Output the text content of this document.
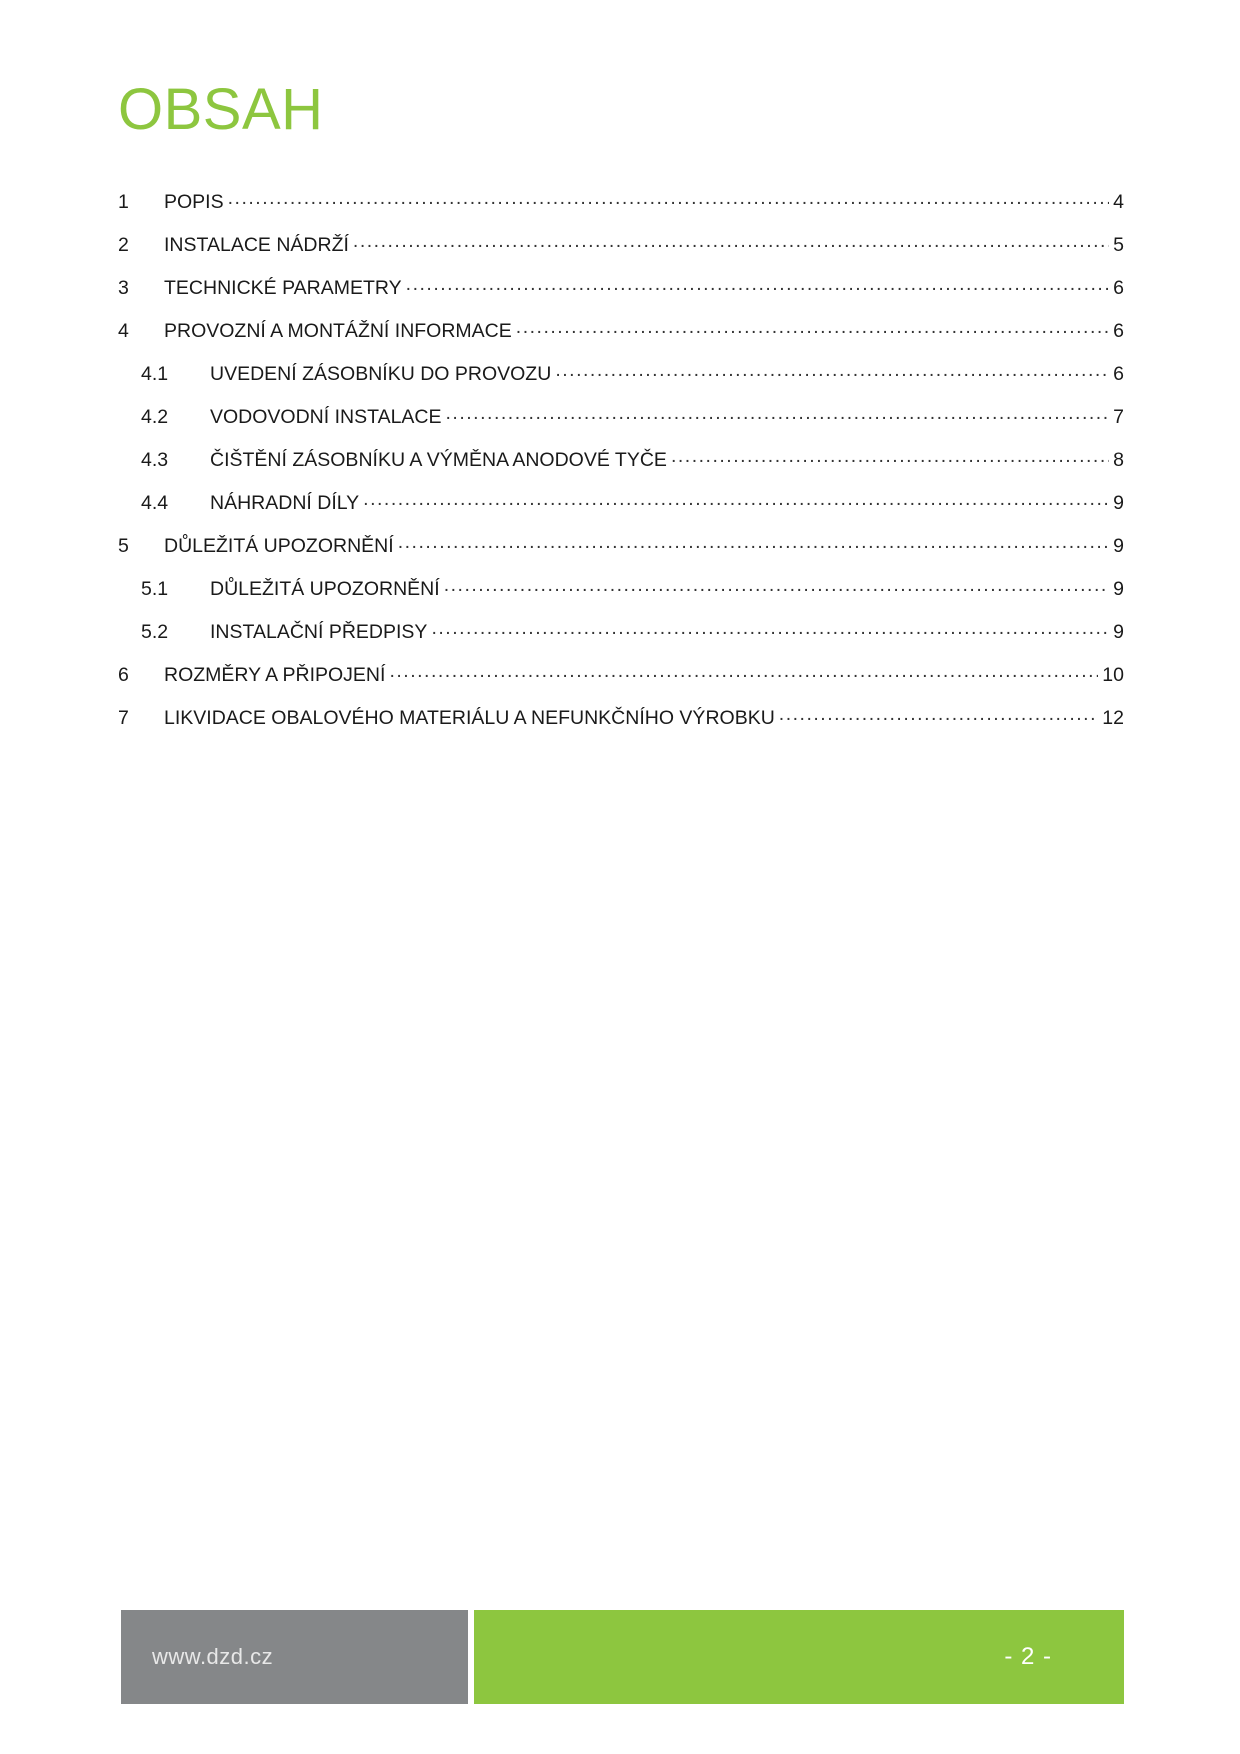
OBSAH
1	POPIS .....	4
2	INSTALACE NÁDRŽÍ .....	5
3	TECHNICKÉ PARAMETRY .....	6
4	PROVOZNÍ A MONTÁŽNÍ INFORMACE .....	6
4.1	UVEDENÍ ZÁSOBNÍKU DO PROVOZU .....	6
4.2	VODOVODNÍ INSTALACE .....	7
4.3	ČIŠTĚNÍ ZÁSOBNÍKU A VÝMĚNA ANODOVÉ TYČE .....	8
4.4	NÁHRADNÍ DÍLY .....	9
5	DŮLEŽITÁ UPOZORNĚNÍ .....	9
5.1	DŮLEŽITÁ UPOZORNĚNÍ .....	9
5.2	INSTALAČNÍ PŘEDPISY .....	9
6	ROZMĚRY A PŘIPOJENÍ .....	10
7	LIKVIDACE OBALOVÉHO MATERIÁLU A NEFUNKČNÍHO VÝROBKU .....	12
www.dzd.cz	- 2 -
